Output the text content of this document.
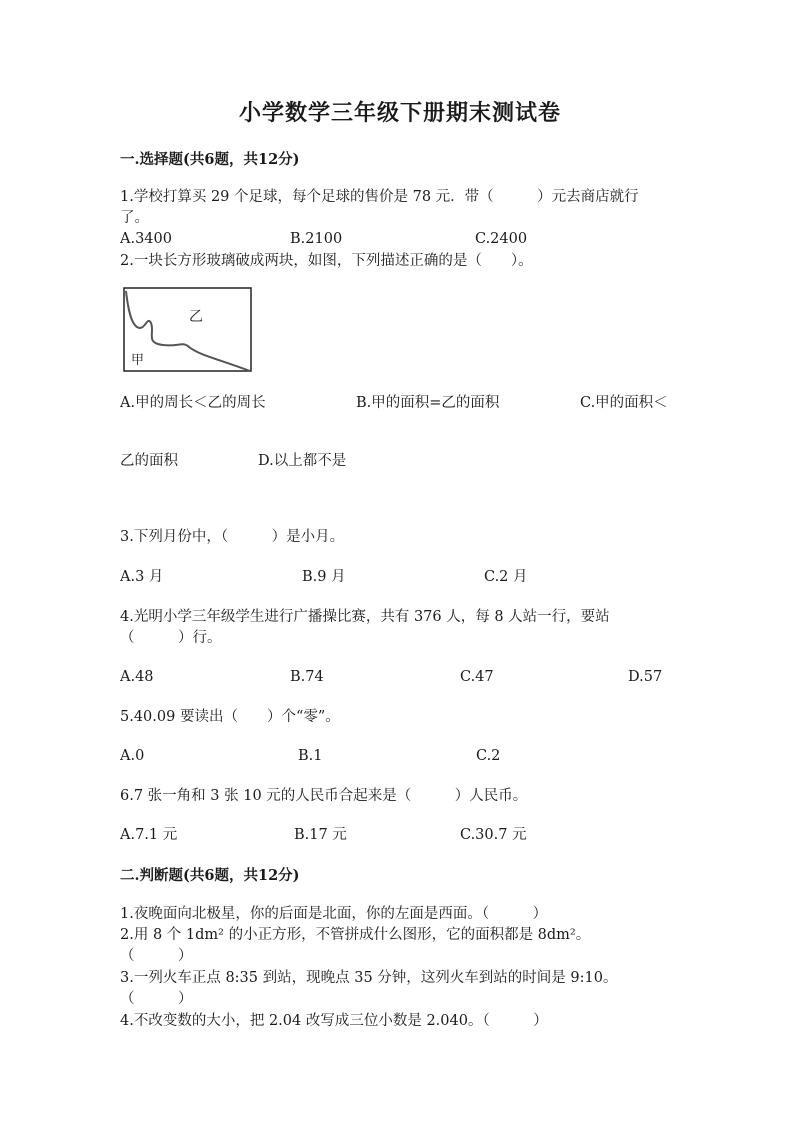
小学数学三年级下册期末测试卷
一.选择题(共6题，共12分)
1.学校打算买 29 个足球，每个足球的售价是 78 元．带（　　　）元去商店就行
了。
A.3400	B.2100	C.2400
2.一块长方形玻璃破成两块，如图，下列描述正确的是（　　）。
乙
甲
A.甲的周长＜乙的周长	B.甲的面积=乙的面积	C.甲的面积＜
乙的面积	D.以上都不是
3.下列月份中，（　　　）是小月。
A.3 月	B.9 月	C.2 月
4.光明小学三年级学生进行广播操比赛，共有 376 人，每 8 人站一行，要站
（　　　）行。
A.48	B.74	C.47	D.57
5.40.09 要读出（　　）个“零”。
A.0	B.1	C.2
6.7 张一角和 3 张 10 元的人民币合起来是（　　　）人民币。
A.7.1 元	B.17 元	C.30.7 元
二.判断题(共6题，共12分)
1.夜晚面向北极星，你的后面是北面，你的左面是西面。（　　　）
2.用 8 个 1dm² 的小正方形，不管拼成什么图形，它的面积都是 8dm²。
（　　　）
3.一列火车正点 8:35 到站，现晚点 35 分钟，这列火车到站的时间是 9:10。
（　　　）
4.不改变数的大小，把 2.04 改写成三位小数是 2.040。（　　　）
